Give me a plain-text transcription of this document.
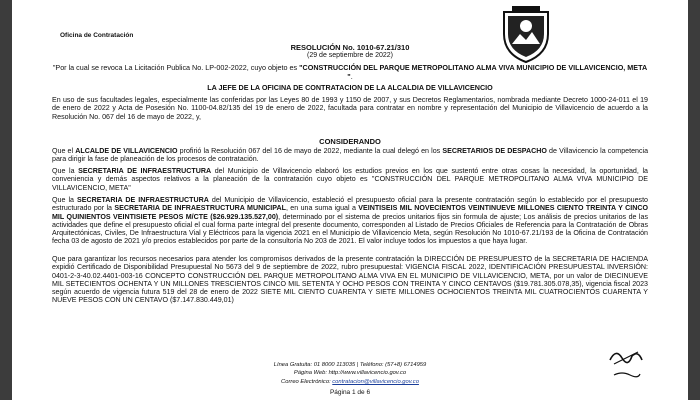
Oficina de Contratación
RESOLUCIÓN No. 1010-67.21/310
(29 de septiembre de 2022)
"Por la cual se revoca La Licitación Publica No. LP-002-2022, cuyo objeto es "CONSTRUCCIÓN DEL PARQUE METROPOLITANO ALMA VIVA MUNICIPIO DE VILLAVICENCIO, META ".
LA JEFE DE LA OFICINA DE CONTRATACION DE LA ALCALDIA DE VILLAVICENCIO
En uso de sus facultades legales, especialmente las conferidas por las Leyes 80 de 1993 y 1150 de 2007, y sus Decretos Reglamentarios, nombrada mediante Decreto 1000-24-011 el 19 de enero de 2022 y Acta de Posesión No. 1100-04.82/135 del 19 de enero de 2022, facultada para contratar en nombre y representación del Municipio de Villavicencio de acuerdo a la Resolución No. 067 del 16 de mayo de 2022, y,
CONSIDERANDO
Que el ALCALDE DE VILLAVICENCIO profirió la Resolución 067 del 16 de mayo de 2022, mediante la cual delegó en los SECRETARIOS DE DESPACHO de Villavicencio la competencia para dirigir la fase de planeación de los procesos de contratación.
Que la SECRETARIA DE INFRAESTRUCTURA del Municipio de Villavicencio elaboró los estudios previos en los que sustentó entre otras cosas la necesidad, la oportunidad, la conveniencia y demás aspectos relativos a la planeación de la contratación cuyo objeto es "CONSTRUCCIÓN DEL PARQUE METROPOLITANO ALMA VIVA MUNICIPIO DE VILLAVICENCIO, META"
Que la SECRETARIA DE INFRAESTRUCTURA del Municipio de Villavicencio, estableció el presupuesto oficial para la presente contratación según lo establecido por el presupuesto estructurado por la SECRETARIA DE INFRAESTRUCTURA MUNICIPAL, en una suma igual a VEINTISEIS MIL NOVECIENTOS VEINTINUEVE MILLONES CIENTO TREINTA Y CINCO MIL QUINIENTOS VEINTISIETE PESOS M/CTE ($26.929.135.527,00), determinado por el sistema de precios unitarios fijos sin formula de ajuste; Los análisis de precios unitarios de las actividades que define el presupuesto oficial el cual forma parte integral del presente documento, corresponden al Listado de Precios Oficiales de Referencia para la Contratación de Obras Arquitectónicas, Civiles, De Infraestructura Vial y Eléctricos para la vigencia 2021 en el Municipio de Villavicencio Meta, según Resolución No 1010-67.21/193 de la Oficina de Contratación fecha 03 de agosto de 2021 y/o precios establecidos por parte de la consultoría No 203 de 2021. El valor incluye todos los impuestos a que haya lugar.
Que para garantizar los recursos necesarios para atender los compromisos derivados de la presente contratación la DIRECCIÓN DE PRESUPUESTO de la SECRETARIA DE HACIENDA expidió Certificado de Disponibilidad Presupuestal No 5673 del 9 de septiembre de 2022, rubro presupuestal: VIGENCIA FISCAL 2022, IDENTIFICACIÓN PRESUPUESTAL INVERSIÓN: 0401-2-3-40.02.4401-003-16 CONCEPTO CONSTRUCCIÓN DEL PARQUE METROPOLITANO ALMA VIVA EN EL MUNICIPIO DE VILLAVICENCIO, META, por un valor de DIECINUEVE MIL SETECIENTOS OCHENTA Y UN MILLONES TRESCIENTOS CINCO MIL SETENTA Y OCHO PESOS CON TREINTA Y CINCO CENTAVOS ($19.781.305.078,35), vigencia fiscal 2023 según acuerdo de vigencia futura 519 del 28 de enero de 2022 SIETE MIL CIENTO CUARENTA Y SIETE MILLONES OCHOCIENTOS TREINTA MIL CUATROCIENTOS CUARENTA Y NUEVE PESOS CON UN CENTAVO ($7.147.830.449,01)
Línea Gratuita: 01 8000 113035 | Teléfono: (57+8) 6714959
Página Web: http://www.villavicencio.gov.co
Correo Electrónico: contratacion@villavicencio.gov.co
Página 1 de 6
